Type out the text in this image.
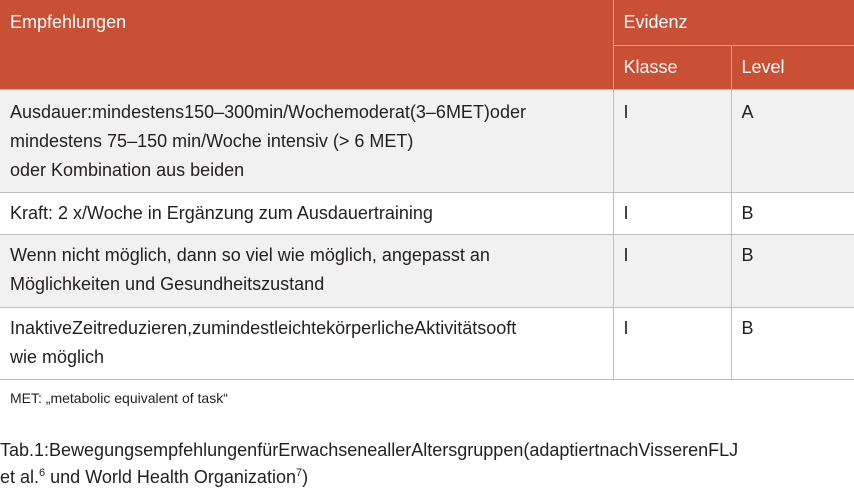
Empfehlungen	Evidenz	
	Klasse	Level
Ausdauer:mindestens150–300min/Wochemoderat(3–6MET)oder
mindestens 75–150 min/Woche intensiv (> 6 MET)
oder Kombination aus beiden	I	A
Kraft: 2 x/Woche in Ergänzung zum Ausdauertraining	I	B
Wenn nicht möglich, dann so viel wie möglich, angepasst an
Möglichkeiten und Gesundheitszustand	I	B
InaktiveZeitreduzieren,zumindestleichtekörperlicheAktivitätsooft
wie möglich	I	B
MET: „metabolic equivalent of task“
Tab.1:BewegungsempfehlungenfürErwachseneallerAltersgruppen(adaptiertnachVisserenFLJ
et al.$^6$ und World Health Organization$^7$)
